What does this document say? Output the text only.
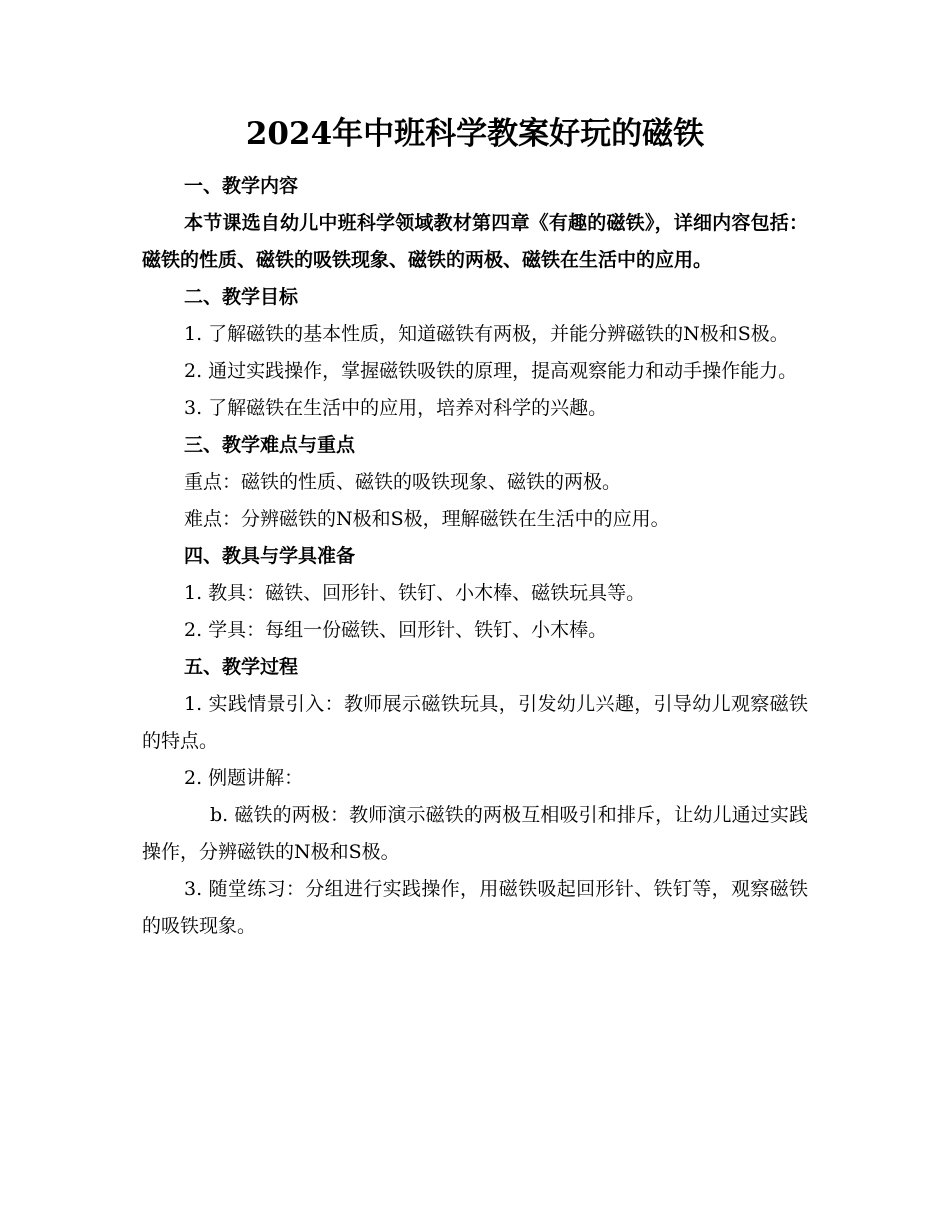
2024年中班科学教案好玩的磁铁

一、教学内容

本节课选自幼儿中班科学领域教材第四章《有趣的磁铁》，详细内容包括：磁铁的性质、磁铁的吸铁现象、磁铁的两极、磁铁在生活中的应用。

二、教学目标

1. 了解磁铁的基本性质，知道磁铁有两极，并能分辨磁铁的N极和S极。

2. 通过实践操作，掌握磁铁吸铁的原理，提高观察能力和动手操作能力。

3. 了解磁铁在生活中的应用，培养对科学的兴趣。

三、教学难点与重点

重点：磁铁的性质、磁铁的吸铁现象、磁铁的两极。

难点：分辨磁铁的N极和S极，理解磁铁在生活中的应用。

四、教具与学具准备

1. 教具：磁铁、回形针、铁钉、小木棒、磁铁玩具等。

2. 学具：每组一份磁铁、回形针、铁钉、小木棒。

五、教学过程

1. 实践情景引入：教师展示磁铁玩具，引发幼儿兴趣，引导幼儿观察磁铁的特点。

2. 例题讲解：

b. 磁铁的两极：教师演示磁铁的两极互相吸引和排斥，让幼儿通过实践操作，分辨磁铁的N极和S极。

3. 随堂练习：分组进行实践操作，用磁铁吸起回形针、铁钉等，观察磁铁的吸铁现象。
